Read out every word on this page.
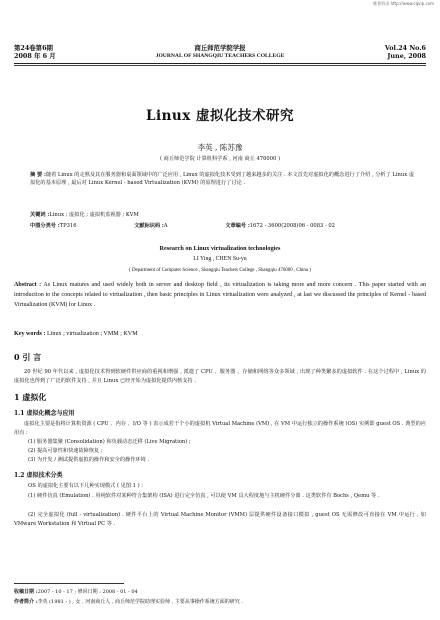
维普资讯 http://www.cqvip.com
第24卷第6期
2008 年 6 月
商丘师范学院学报
JOURNAL OF SHANGQIU TEACHERS COLLEGE
Vol.24 No.6
June, 2008
Linux 虚拟化技术研究
李英 , 陈苏豫
( 商丘师范学院 计算机科学系 , 河南 商丘 476000 )
摘 要 :随着 Linux 的走熟及其在服务器和桌面领域中的广泛应用 , Linux 的虚拟化技术受到了越来越多的关注 . 本文首先对虚拟化的概念进行了介绍 , 分析了 Linux 虚拟化的基本原理 , 最后对 Linux Kernel - based Virtualization (KVM) 的原理进行了讨论 .
关键词 :Linux ; 虚拟化 ; 虚拟机监视器 ; KVM
中图分类号 :TP316	文献标识码 :A	文章编号 :1672 - 3600(2008)06 - 0083 - 02
Research on Linux virtualization technologies
LI Ying , CHEN Su-yu
( Department of Computer Science , Shangqiu Teachers College , Shangqiu 476000 , China )
Abstract : As Linux matures and used widely both in server and desktop field , its virtualization is taking more and more concern . This paper started with an introduction to the concepts related to virtualization , then basic principles in Linux virtualization were analyzed , at last we discussed the principles of Kernel - based Virtualization (KVM) for Linux .
Key words : Linux ; virtualization ; VMM ; KVM
0 引 言
20 世纪 90 年代以来 , 虚拟化技术得到软硬件供应商的重视和增强 , 派遣了 CPU 、服务器 、存储和网络等众多领域 , 出现了种类繁多的虚拟软件 . 在这个过程中 , Linux 的虚拟化也得到了广泛的软件支持 , 并且 Linux 已经开始为虚拟化提供内核支持 .
1 虚拟化
1.1 虚拟化概念与应用
虚拟化主要是指将计算机资源 ( CPU 、内存 、I/O 等 ) 表示成若干个小的虚拟机 Virtual Machine (VM) , 在 VM 中运行独立的操作系统 (OS) 实例即 guest OS . 典型的应用有 :
(1) 服务器集聚 (Consolidation) 和负载动态迁移 (Live Migration) ;
(2) 提高可靠性和快速故障恢复 ;
(3) 为开发 / 测试提供虚拟的操作和安全的操作环境 .
1.2 虚拟技术分类
OS 的虚拟化主要有以下几种实现模式 ( 见图 1 ) :
(1) 硬件仿真 (Emulation) . 用纯软件对某种符合集架构 (ISA) 进行完全仿真 , 可以使 VM 具大程度地与主机硬件分离 . 这类软件有 Bochs , Qemu 等 .
(2) 完全虚拟化 (full - virtualization) . 硬件平台上的 Virtual Machine Monitor (VMM) 层提供硬件设备接口模拟 , guest OS 无需修改可直接在 VM 中运行 , 如 VMware Workstation 和 Virtual PC 等 .
收稿日期 :2007 - 10 - 17 ; 修回日期 : 2008 - 01 - 04
作者简介 :李英 (1981 - ) , 女 , 河南商丘人 , 商丘师范学院助理实验师 , 主要从事操作系统方面的研究 .
